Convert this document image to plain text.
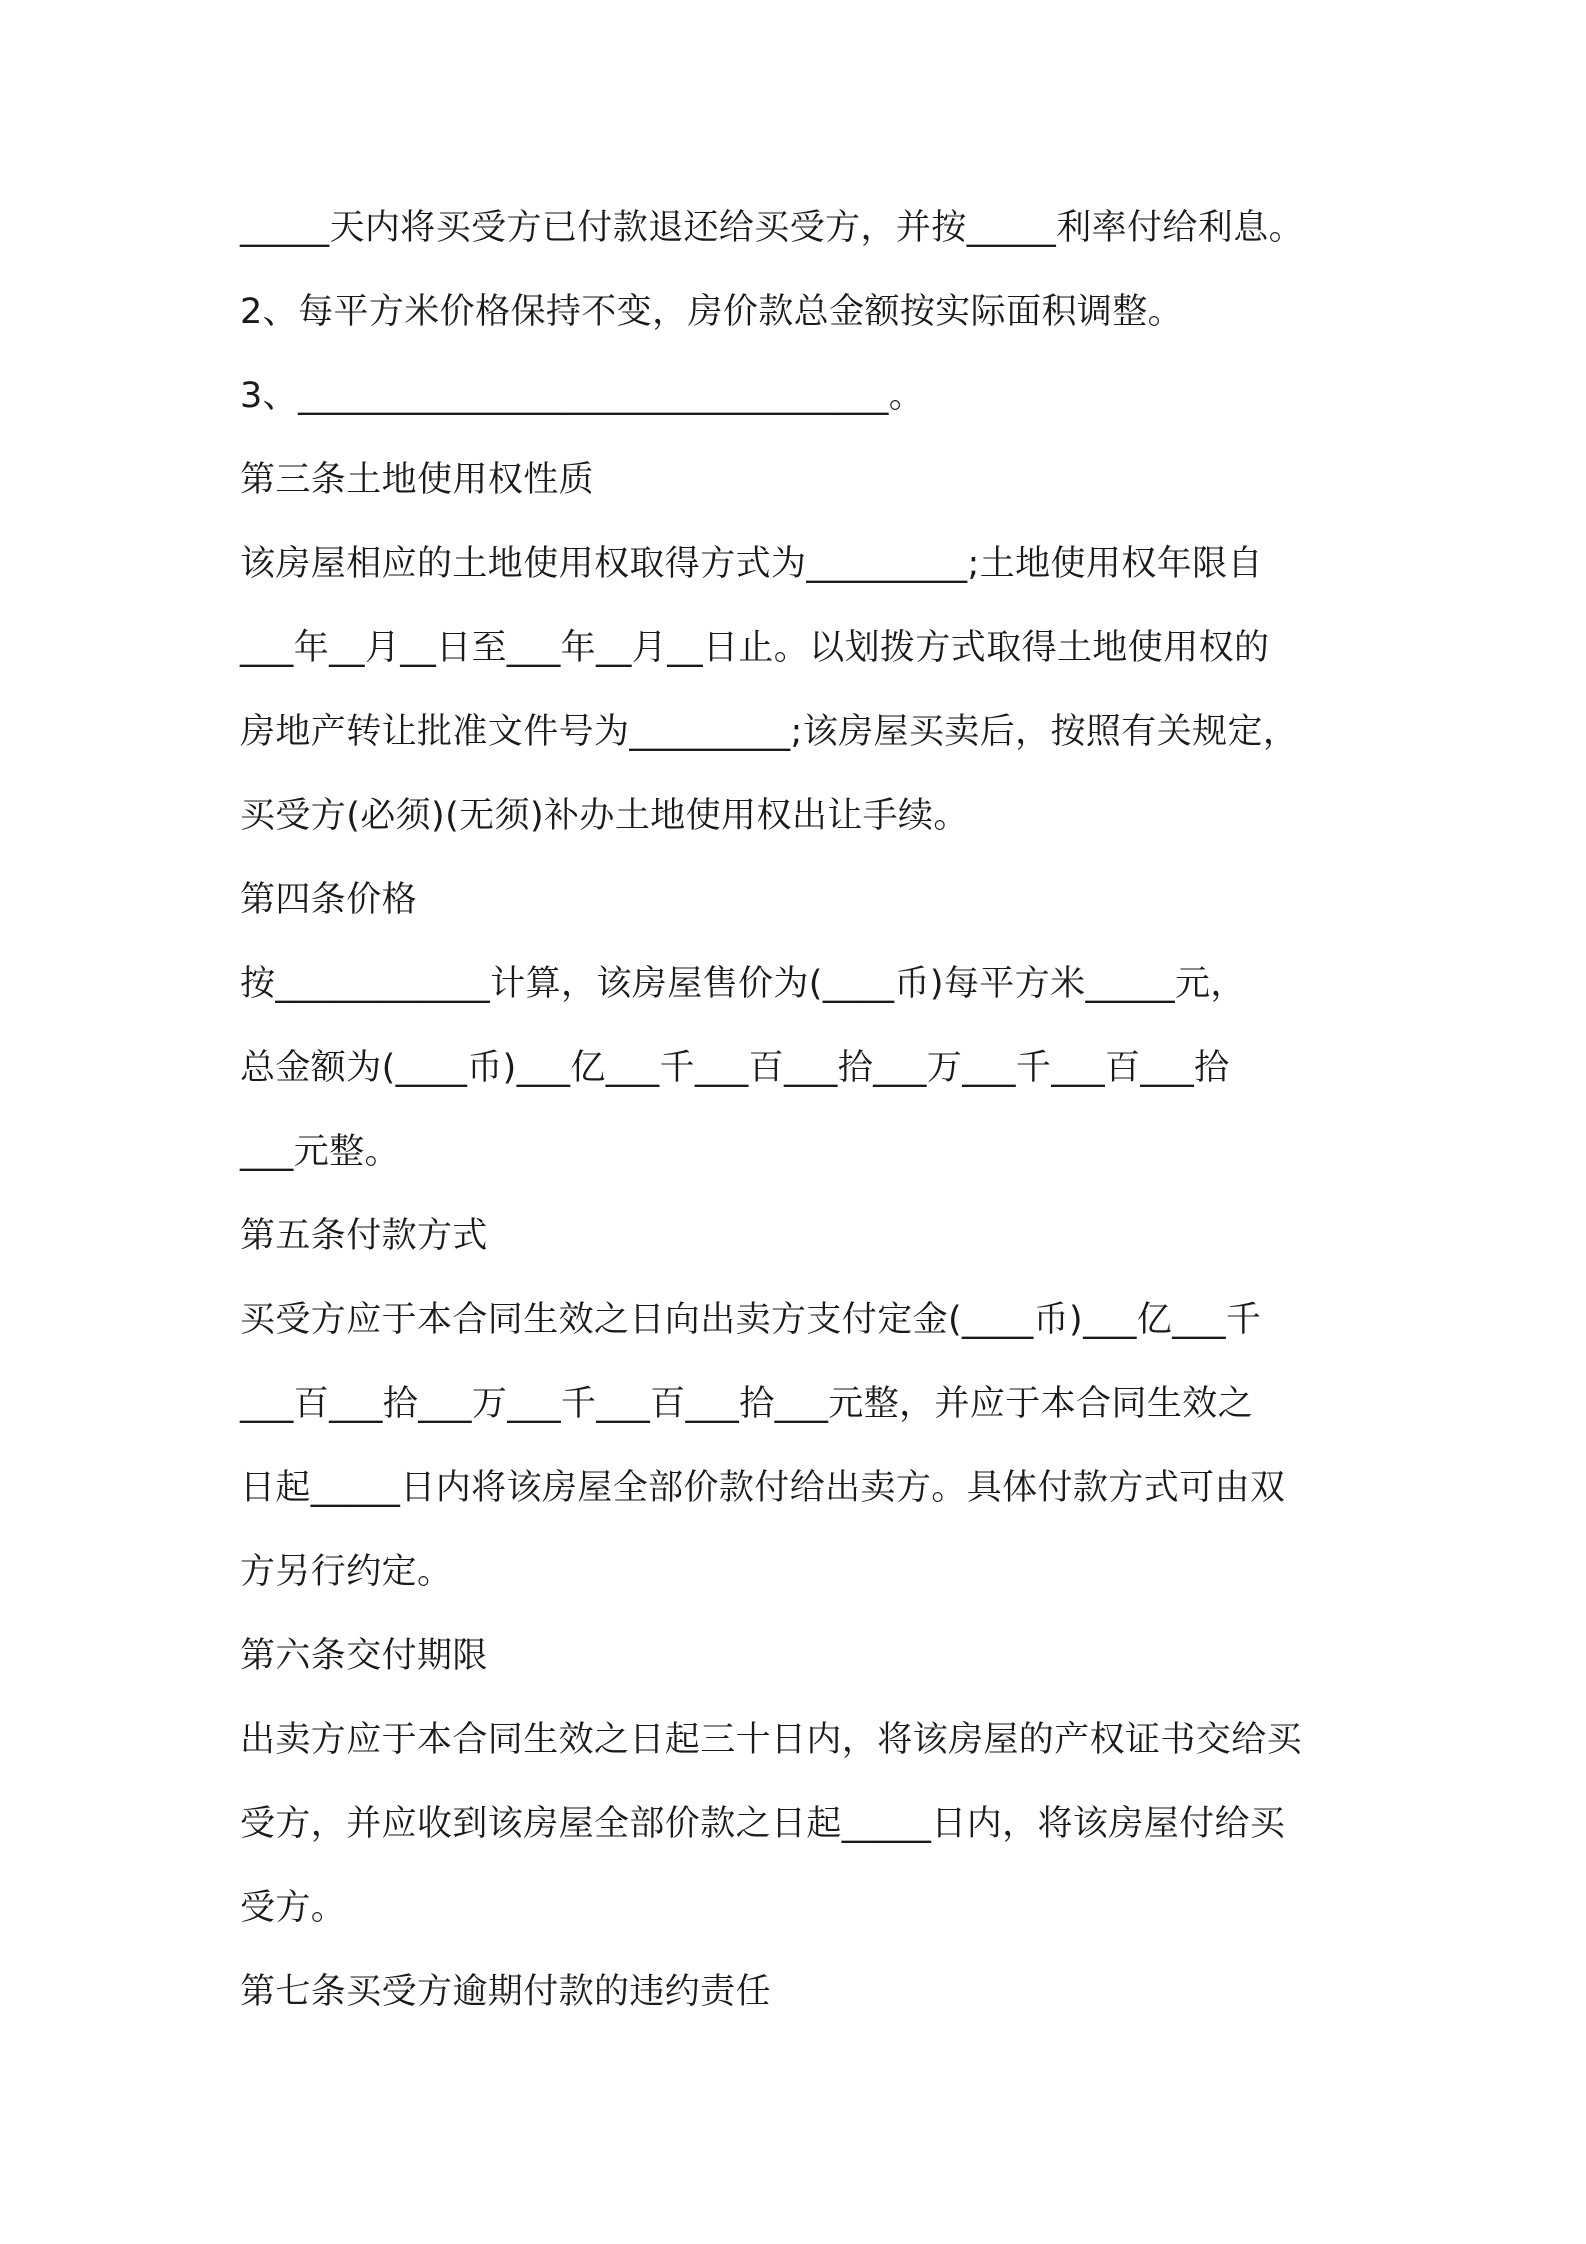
_____天内将买受方已付款退还给买受方，并按_____利率付给利息。
2、每平方米价格保持不变，房价款总金额按实际面积调整。
3、_________________________________。
第三条土地使用权性质
该房屋相应的土地使用权取得方式为_________;土地使用权年限自
___年__月__日至___年__月__日止。以划拨方式取得土地使用权的
房地产转让批准文件号为_________;该房屋买卖后，按照有关规定，
买受方(必须)(无须)补办土地使用权出让手续。
第四条价格
按____________计算，该房屋售价为(____币)每平方米_____元，
总金额为(____币)___亿___千___百___拾___万___千___百___拾
___元整。
第五条付款方式
买受方应于本合同生效之日向出卖方支付定金(____币)___亿___千
___百___拾___万___千___百___拾___元整，并应于本合同生效之
日起_____日内将该房屋全部价款付给出卖方。具体付款方式可由双
方另行约定。
第六条交付期限
出卖方应于本合同生效之日起三十日内，将该房屋的产权证书交给买
受方，并应收到该房屋全部价款之日起_____日内，将该房屋付给买
受方。
第七条买受方逾期付款的违约责任
